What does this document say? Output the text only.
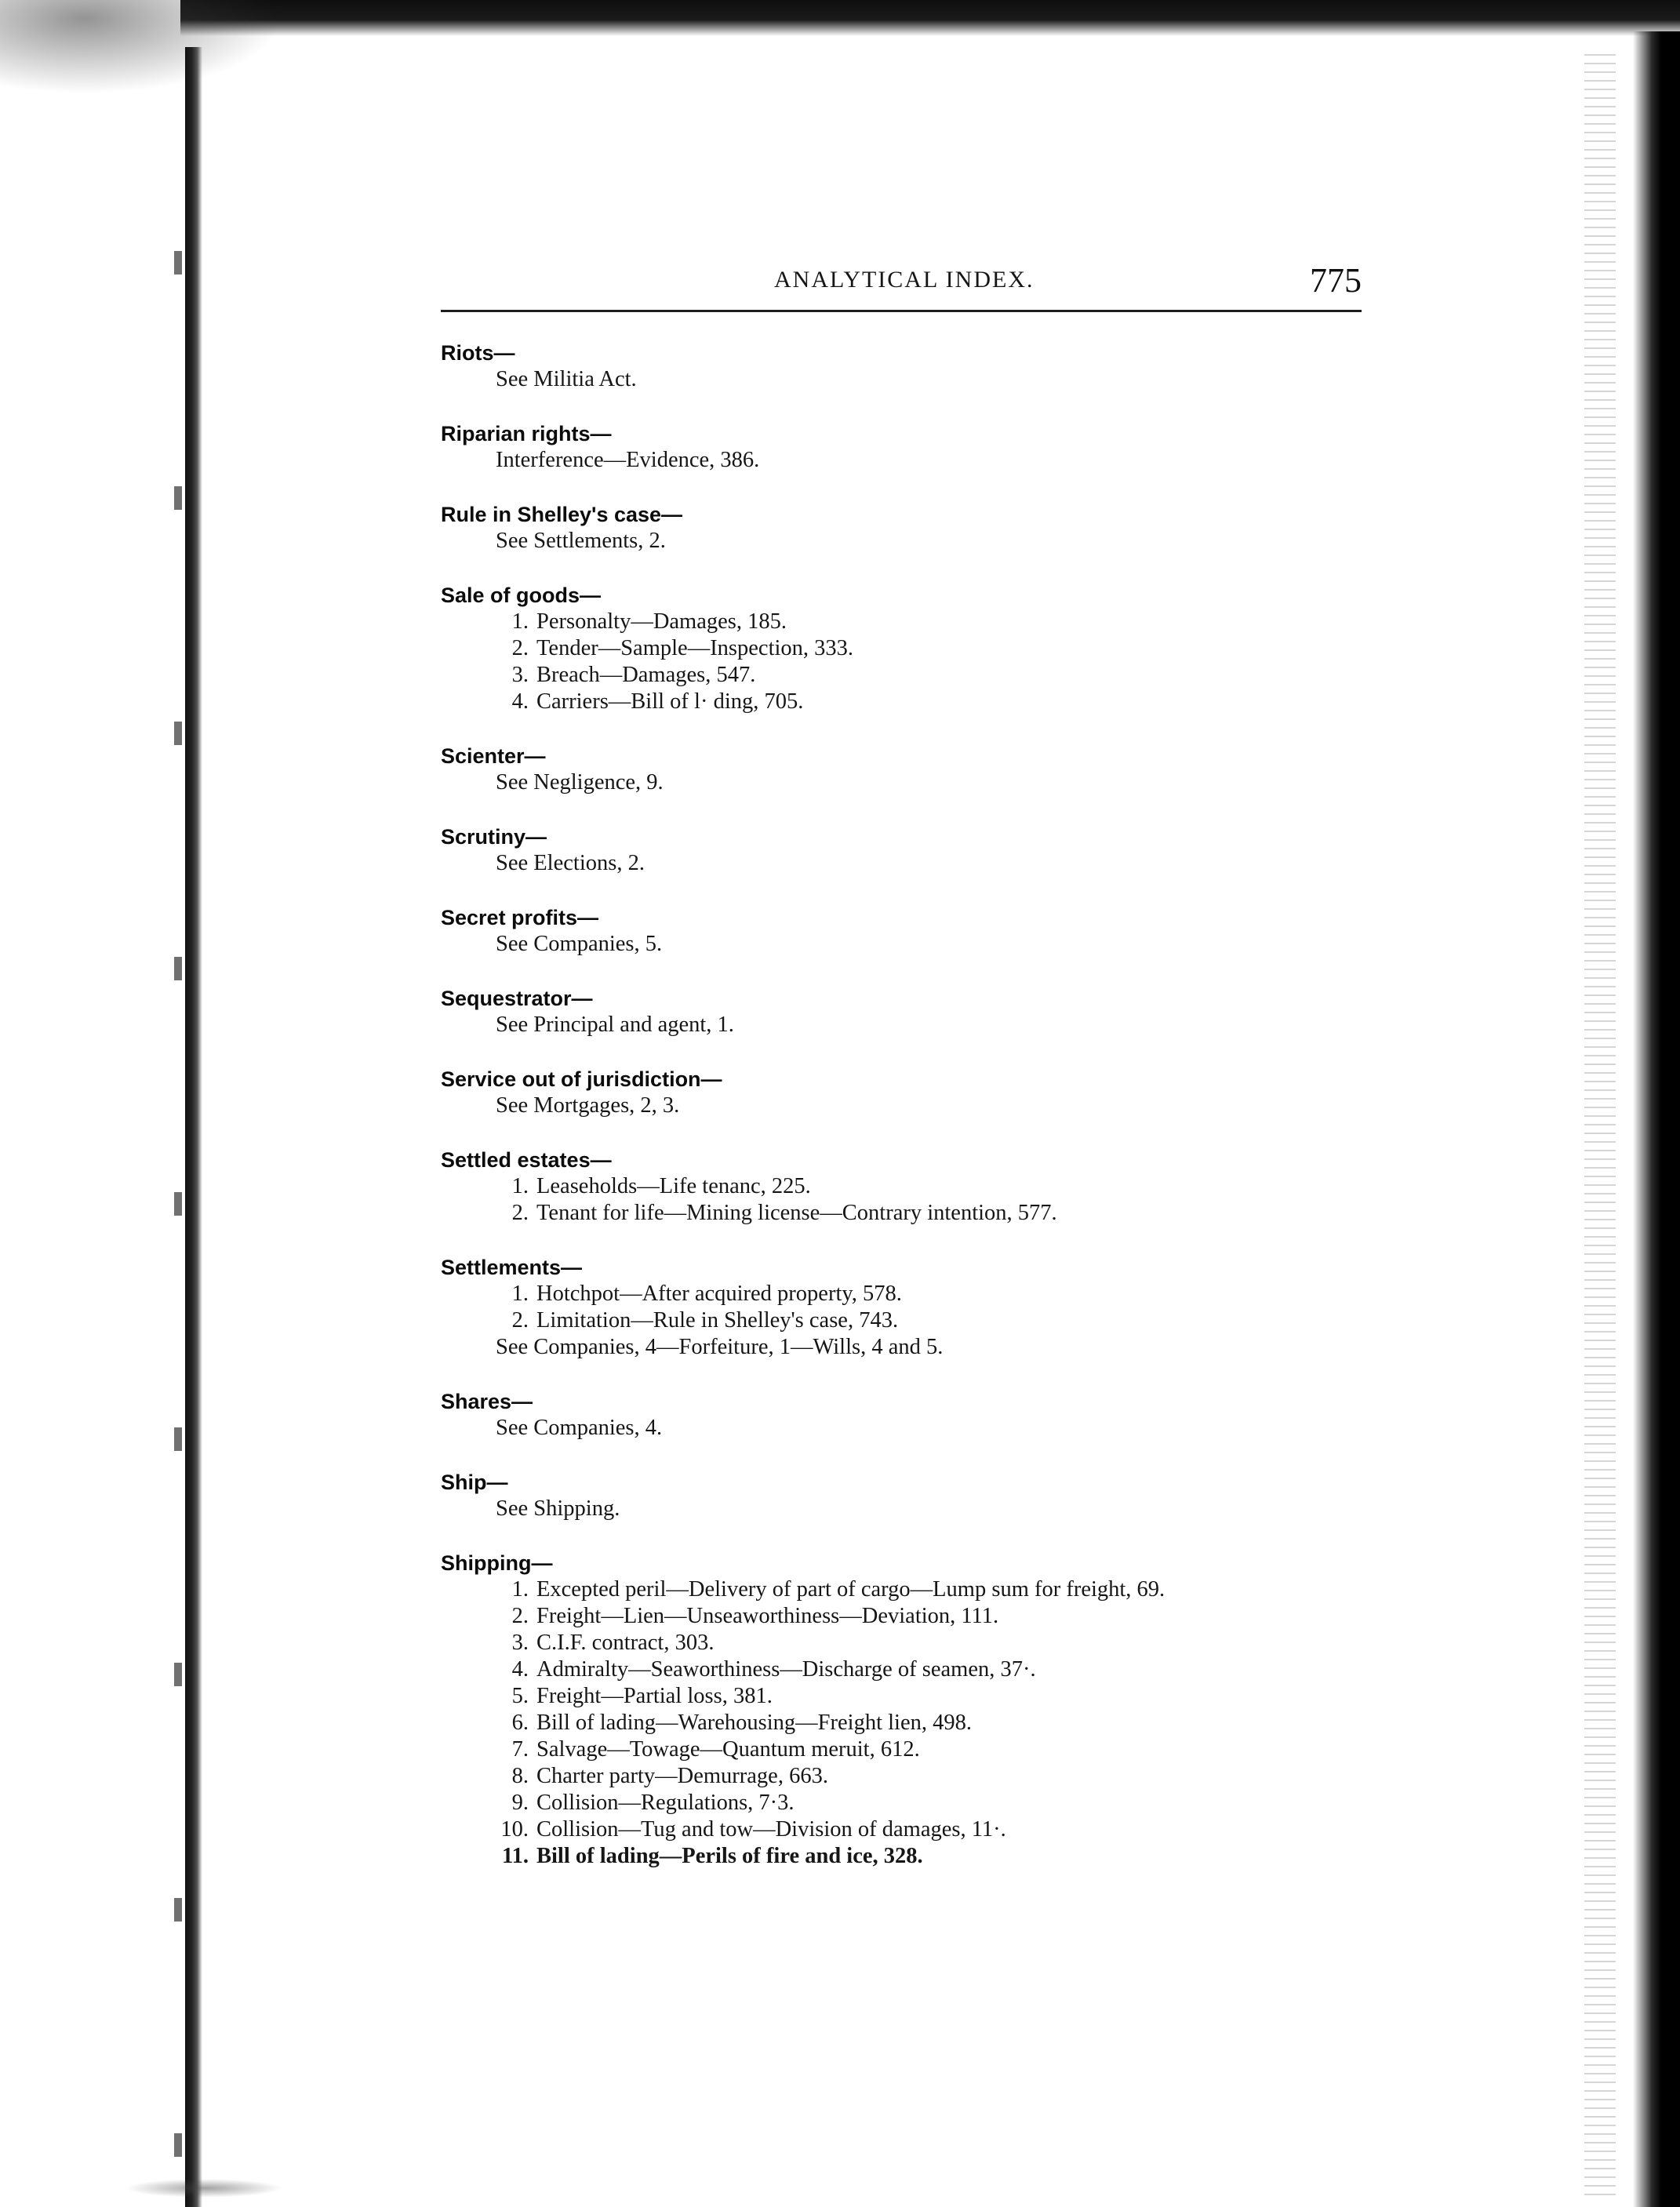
ANALYTICAL INDEX.	775
Riots—
See Militia Act.
Riparian rights—
Interference—Evidence, 386.
Rule in Shelley's case—
See Settlements, 2.
Sale of goods—
1. Personalty—Damages, 185.
2. Tender—Sample—Inspection, 333.
3. Breach—Damages, 547.
4. Carriers—Bill of l· ding, 705.
Scienter—
See Negligence, 9.
Scrutiny—
See Elections, 2.
Secret profits—
See Companies, 5.
Sequestrator—
See Principal and agent, 1.
Service out of jurisdiction—
See Mortgages, 2, 3.
Settled estates—
1. Leaseholds—Life tenanc, 225.
2. Tenant for life—Mining license—Contrary intention, 577.
Settlements—
1. Hotchpot—After acquired property, 578.
2. Limitation—Rule in Shelley's case, 743.
See Companies, 4—Forfeiture, 1—Wills, 4 and 5.
Shares—
See Companies, 4.
Ship—
See Shipping.
Shipping—
1. Excepted peril—Delivery of part of cargo—Lump sum for freight, 69.
2. Freight—Lien—Unseaworthiness—Deviation, 111.
3. C.I.F. contract, 303.
4. Admiralty—Seaworthiness—Discharge of seamen, 37·.
5. Freight—Partial loss, 381.
6. Bill of lading—Warehousing—Freight lien, 498.
7. Salvage—Towage—Quantum meruit, 612.
8. Charter party—Demurrage, 663.
9. Collision—Regulations, 7·3.
10. Collision—Tug and tow—Division of damages, 11·.
11. Bill of lading—Perils of fire and ice, 328.
